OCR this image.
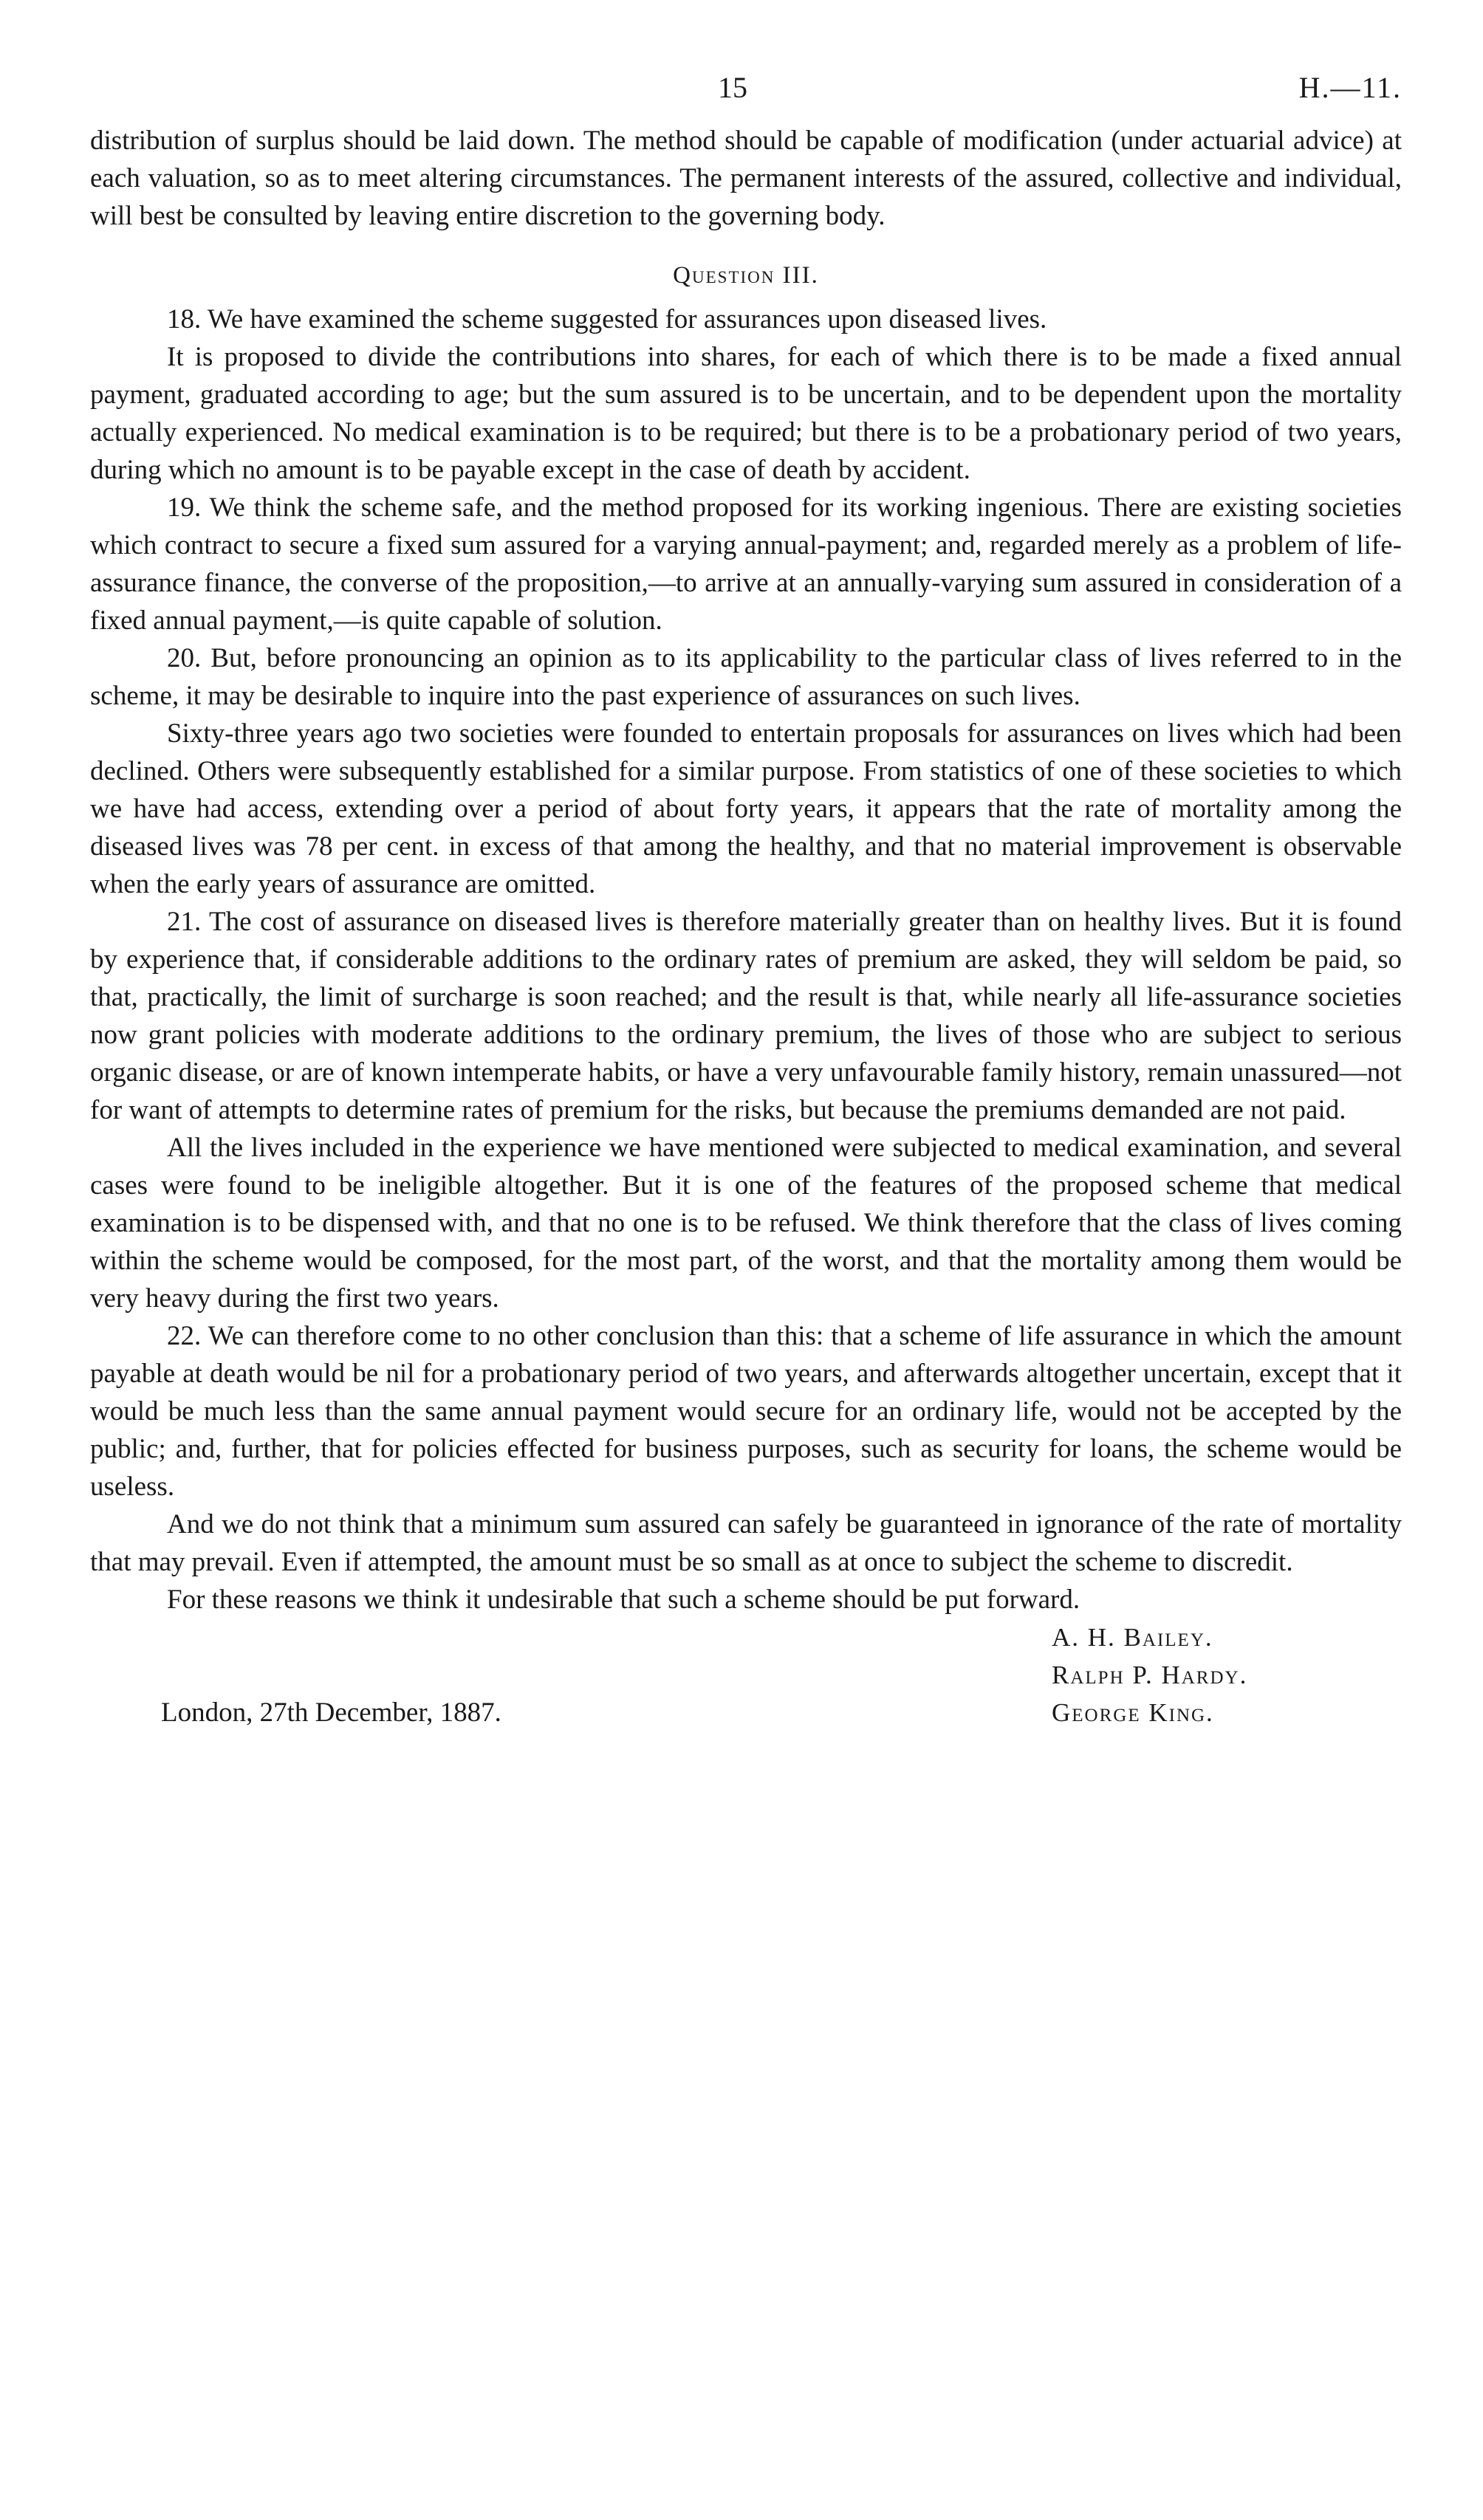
15	H.—11.

distribution of surplus should be laid down. The method should be capable of modification (under actuarial advice) at each valuation, so as to meet altering circumstances. The permanent interests of the assured, collective and individual, will best be consulted by leaving entire discretion to the governing body.

Question III.

18. We have examined the scheme suggested for assurances upon diseased lives.

It is proposed to divide the contributions into shares, for each of which there is to be made a fixed annual payment, graduated according to age; but the sum assured is to be uncertain, and to be dependent upon the mortality actually experienced. No medical examination is to be required; but there is to be a probationary period of two years, during which no amount is to be payable except in the case of death by accident.

19. We think the scheme safe, and the method proposed for its working ingenious. There are existing societies which contract to secure a fixed sum assured for a varying annual-payment; and, regarded merely as a problem of life-assurance finance, the converse of the proposition,—to arrive at an annually-varying sum assured in consideration of a fixed annual payment,—is quite capable of solution.

20. But, before pronouncing an opinion as to its applicability to the particular class of lives referred to in the scheme, it may be desirable to inquire into the past experience of assurances on such lives.

Sixty-three years ago two societies were founded to entertain proposals for assurances on lives which had been declined. Others were subsequently established for a similar purpose. From statistics of one of these societies to which we have had access, extending over a period of about forty years, it appears that the rate of mortality among the diseased lives was 78 per cent. in excess of that among the healthy, and that no material improvement is observable when the early years of assurance are omitted.

21. The cost of assurance on diseased lives is therefore materially greater than on healthy lives. But it is found by experience that, if considerable additions to the ordinary rates of premium are asked, they will seldom be paid, so that, practically, the limit of surcharge is soon reached; and the result is that, while nearly all life-assurance societies now grant policies with moderate additions to the ordinary premium, the lives of those who are subject to serious organic disease, or are of known intemperate habits, or have a very unfavourable family history, remain unassured—not for want of attempts to determine rates of premium for the risks, but because the premiums demanded are not paid.

All the lives included in the experience we have mentioned were subjected to medical examination, and several cases were found to be ineligible altogether. But it is one of the features of the proposed scheme that medical examination is to be dispensed with, and that no one is to be refused. We think therefore that the class of lives coming within the scheme would be composed, for the most part, of the worst, and that the mortality among them would be very heavy during the first two years.

22. We can therefore come to no other conclusion than this: that a scheme of life assurance in which the amount payable at death would be nil for a probationary period of two years, and afterwards altogether uncertain, except that it would be much less than the same annual payment would secure for an ordinary life, would not be accepted by the public; and, further, that for policies effected for business purposes, such as security for loans, the scheme would be useless.

And we do not think that a minimum sum assured can safely be guaranteed in ignorance of the rate of mortality that may prevail. Even if attempted, the amount must be so small as at once to subject the scheme to discredit.

For these reasons we think it undesirable that such a scheme should be put forward.

A. H. Bailey.
Ralph P. Hardy.
George King.
London, 27th December, 1887.
